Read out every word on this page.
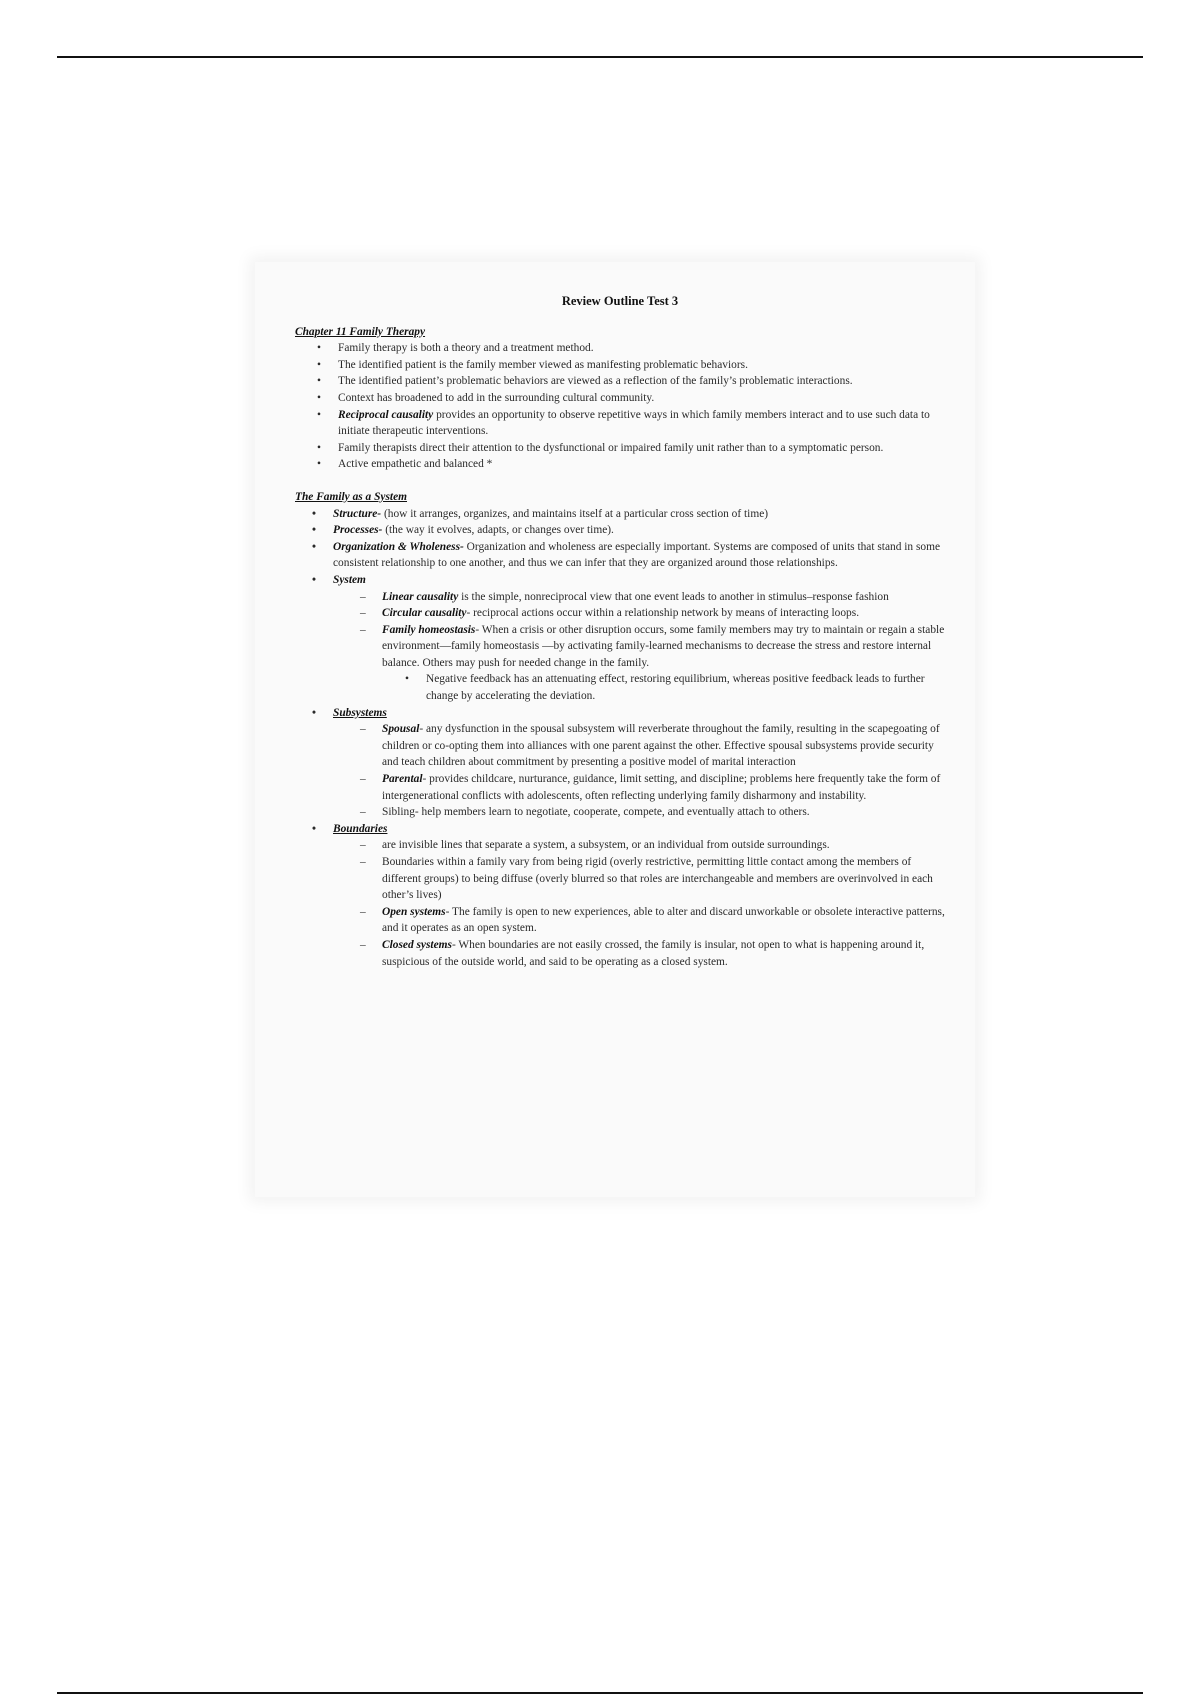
Review Outline Test 3
Chapter 11 Family Therapy
• Family therapy is both a theory and a treatment method.
• The identified patient is the family member viewed as manifesting problematic behaviors.
• The identified patient’s problematic behaviors are viewed as a reflection of the family’s problematic interactions.
• Context has broadened to add in the surrounding cultural community.
• Reciprocal causality provides an opportunity to observe repetitive ways in which family members interact and to use such data to initiate therapeutic interventions.
• Family therapists direct their attention to the dysfunctional or impaired family unit rather than to a symptomatic person.
• Active empathetic and balanced *
The Family as a System
• Structure- (how it arranges, organizes, and maintains itself at a particular cross section of time)
• Processes- (the way it evolves, adapts, or changes over time).
• Organization & Wholeness- Organization and wholeness are especially important. Systems are composed of units that stand in some consistent relationship to one another, and thus we can infer that they are organized around those relationships.
• System
– Linear causality is the simple, nonreciprocal view that one event leads to another in stimulus–response fashion
– Circular causality- reciprocal actions occur within a relationship network by means of interacting loops.
– Family homeostasis- When a crisis or other disruption occurs, some family members may try to maintain or regain a stable environment—family homeostasis —by activating family-learned mechanisms to decrease the stress and restore internal balance. Others may push for needed change in the family.
• Negative feedback has an attenuating effect, restoring equilibrium, whereas positive feedback leads to further change by accelerating the deviation.
• Subsystems
– Spousal- any dysfunction in the spousal subsystem will reverberate throughout the family, resulting in the scapegoating of children or co-opting them into alliances with one parent against the other. Effective spousal subsystems provide security and teach children about commitment by presenting a positive model of marital interaction
– Parental- provides childcare, nurturance, guidance, limit setting, and discipline; problems here frequently take the form of intergenerational conflicts with adolescents, often reflecting underlying family disharmony and instability.
– Sibling- help members learn to negotiate, cooperate, compete, and eventually attach to others.
• Boundaries
– are invisible lines that separate a system, a subsystem, or an individual from outside surroundings.
– Boundaries within a family vary from being rigid (overly restrictive, permitting little contact among the members of different groups) to being diffuse (overly blurred so that roles are interchangeable and members are overinvolved in each other’s lives)
– Open systems- The family is open to new experiences, able to alter and discard unworkable or obsolete interactive patterns, and it operates as an open system.
– Closed systems- When boundaries are not easily crossed, the family is insular, not open to what is happening around it, suspicious of the outside world, and said to be operating as a closed system.
